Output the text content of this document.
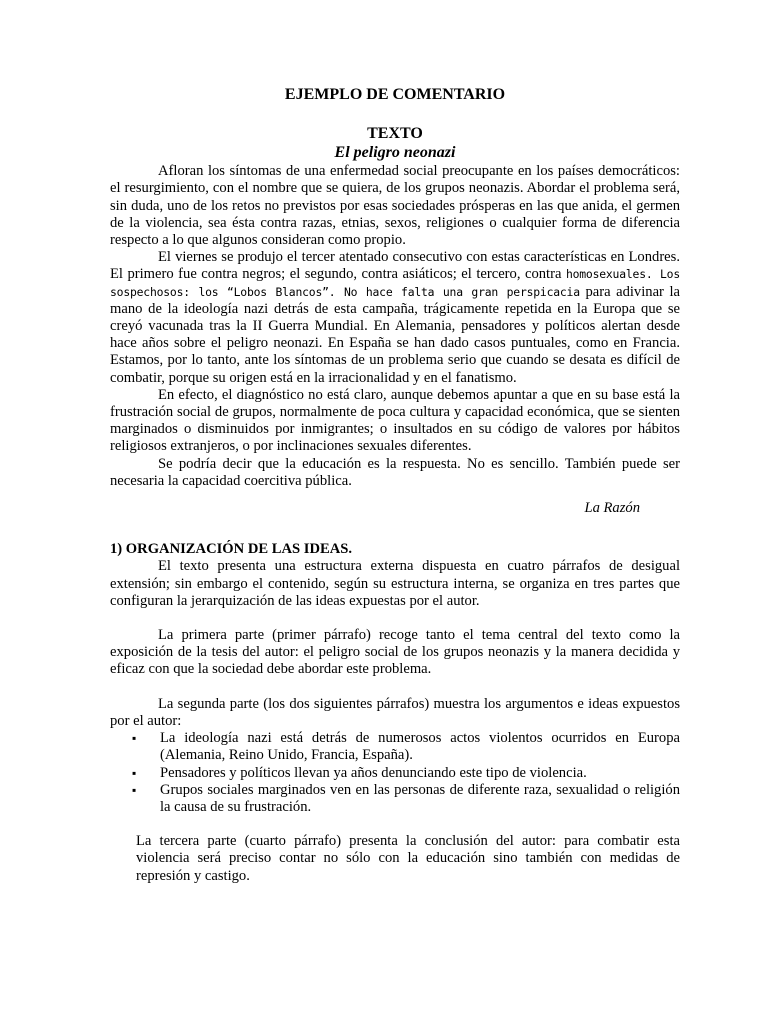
EJEMPLO DE COMENTARIO

TEXTO

El peligro neonazi

Afloran los síntomas de una enfermedad social preocupante en los países democráticos: el resurgimiento, con el nombre que se quiera, de los grupos neonazis. Abordar el problema será, sin duda, uno de los retos no previstos por esas sociedades prósperas en las que anida, el germen de la violencia, sea ésta contra razas, etnias, sexos, religiones o cualquier forma de diferencia respecto a lo que algunos consideran como propio.

El viernes se produjo el tercer atentado consecutivo con estas características en Londres. El primero fue contra negros; el segundo, contra asiáticos; el tercero, contra homosexuales. Los sospechosos: los “Lobos Blancos”. No hace falta una gran perspicacia para adivinar la mano de la ideología nazi detrás de esta campaña, trágicamente repetida en la Europa que se creyó vacunada tras la II Guerra Mundial. En Alemania, pensadores y políticos alertan desde hace años sobre el peligro neonazi. En España se han dado casos puntuales, como en Francia. Estamos, por lo tanto, ante los síntomas de un problema serio que cuando se desata es difícil de combatir, porque su origen está en la irracionalidad y en el fanatismo.

En efecto, el diagnóstico no está claro, aunque debemos apuntar a que en su base está la frustración social de grupos, normalmente de poca cultura y capacidad económica, que se sienten marginados o disminuidos por inmigrantes; o insultados en su código de valores por hábitos religiosos extranjeros, o por inclinaciones sexuales diferentes.

Se podría decir que la educación es la respuesta. No es sencillo. También puede ser necesaria la capacidad coercitiva pública.

La Razón

1) ORGANIZACIÓN DE LAS IDEAS.

El texto presenta una estructura externa dispuesta en cuatro párrafos de desigual extensión; sin embargo el contenido, según su estructura interna, se organiza en tres partes que configuran la jerarquización de las ideas expuestas por el autor.

La primera parte (primer párrafo) recoge tanto el tema central del texto como la exposición de la tesis del autor: el peligro social de los grupos neonazis y la manera decidida y eficaz con que la sociedad debe abordar este problema.

La segunda parte (los dos siguientes párrafos) muestra los argumentos e ideas expuestos por el autor:

▪ La ideología nazi está detrás de numerosos actos violentos ocurridos en Europa (Alemania, Reino Unido, Francia, España).
▪ Pensadores y políticos llevan ya años denunciando este tipo de violencia.
▪ Grupos sociales marginados ven en las personas de diferente raza, sexualidad o religión la causa de su frustración.

La tercera parte (cuarto párrafo) presenta la conclusión del autor: para combatir esta violencia será preciso contar no sólo con la educación sino también con medidas de represión y castigo.
